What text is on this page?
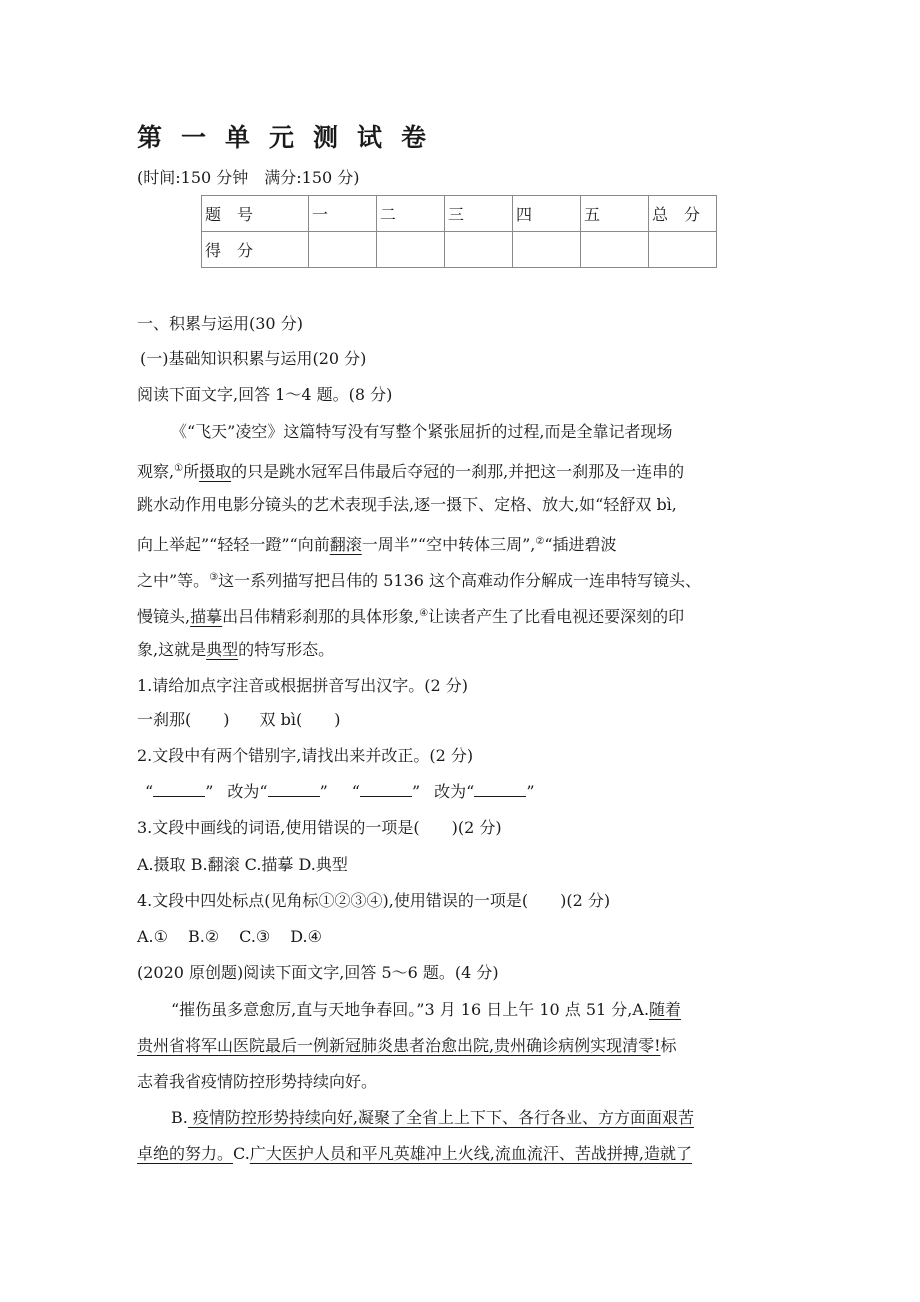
第一单元测试卷
(时间:150 分钟　满分:150 分)
题　号	一	二	三	四	五	总　分
得　分						
一、积累与运用(30 分)
(一)基础知识积累与运用(20 分)
阅读下面文字,回答 1～4 题。(8 分)
《“飞天”凌空》这篇特写没有写整个紧张屈折的过程,而是全靠记者现场
观察,①所摄取的只是跳水冠军吕伟最后夺冠的一刹那,并把这一刹那及一连串的
跳水动作用电影分镜头的艺术表现手法,逐一摄下、定格、放大,如“轻舒双 bì,
向上举起”“轻轻一蹬”“向前翻滚一周半”“空中转体三周”,②“插进碧波
之中”等。③这一系列描写把吕伟的 5136 这个高难动作分解成一连串特写镜头、
慢镜头,描摹出吕伟精彩刹那的具体形象,④让读者产生了比看电视还要深刻的印
象,这就是典型的特写形态。
1.请给加点字注音或根据拼音写出汉字。(2 分)
一刹那(　　) 双 bì(　　)
2.文段中有两个错别字,请找出来并改正。(2 分)
“	” 改为“	” “	” 改为“	”
3.文段中画线的词语,使用错误的一项是(　　)(2 分)
A.摄取 B.翻滚 C.描摹 D.典型
4.文段中四处标点(见角标①②③④),使用错误的一项是(　　)(2 分)
A.① B.② C.③ D.④
(2020 原创题)阅读下面文字,回答 5～6 题。(4 分)
“摧伤虽多意愈厉,直与天地争春回。”3 月 16 日上午 10 点 51 分,A.随着
贵州省将军山医院最后一例新冠肺炎患者治愈出院,贵州确诊病例实现清零!标
志着我省疫情防控形势持续向好。
B. 疫情防控形势持续向好,凝聚了全省上上下下、各行各业、方方面面艰苦
卓绝的努力。C.广大医护人员和平凡英雄冲上火线,流血流汗、苦战拼搏,造就了
